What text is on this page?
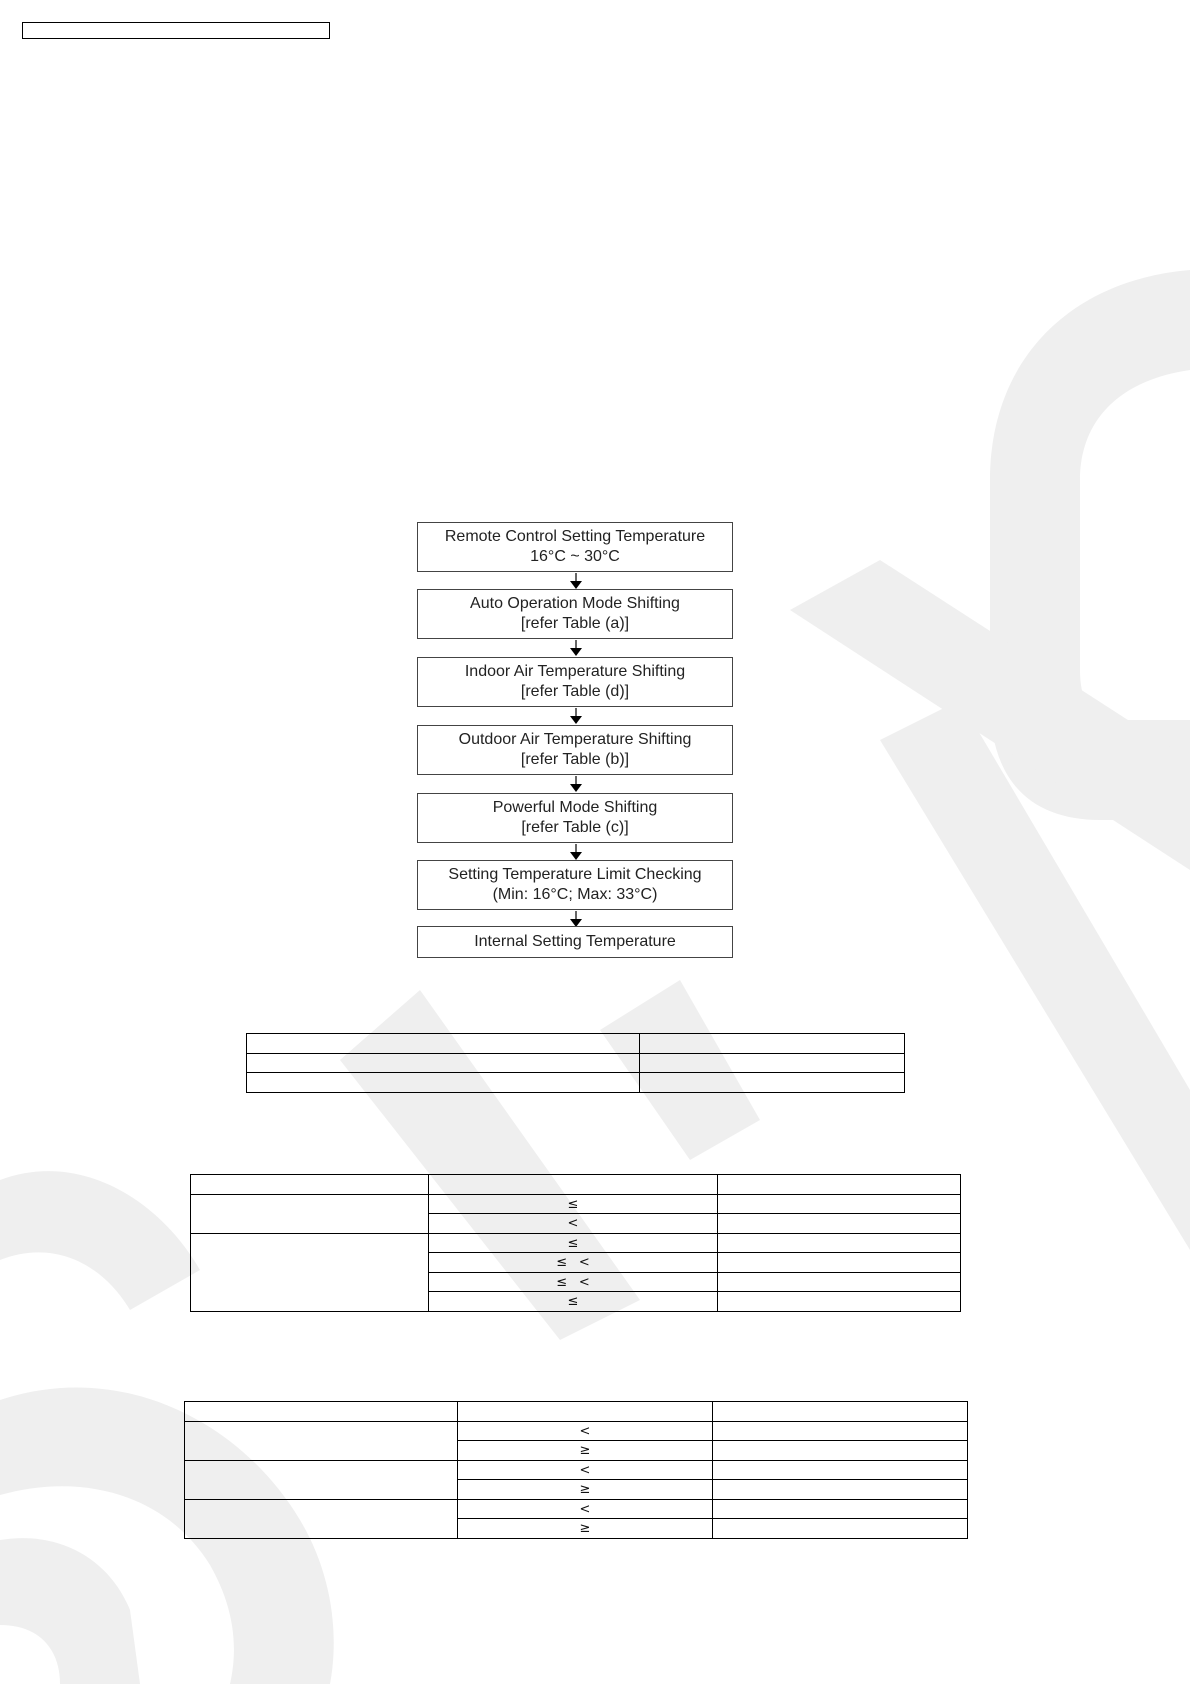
Remote Control Setting Temperature
16°C ~ 30°C
Auto Operation Mode Shifting
[refer Table (a)]
Indoor Air Temperature Shifting
[refer Table (d)]
Outdoor Air Temperature Shifting
[refer Table (b)]
Powerful Mode Shifting
[refer Table (c)]
Setting Temperature Limit Checking
(Min: 16°C; Max: 33°C)
Internal Setting Temperature

	≤	
	<	
	≤	
	≤ <	
	≤ <	
	≤	

	<	
	≥	
	<	
	≥	
	<	
	≥	
